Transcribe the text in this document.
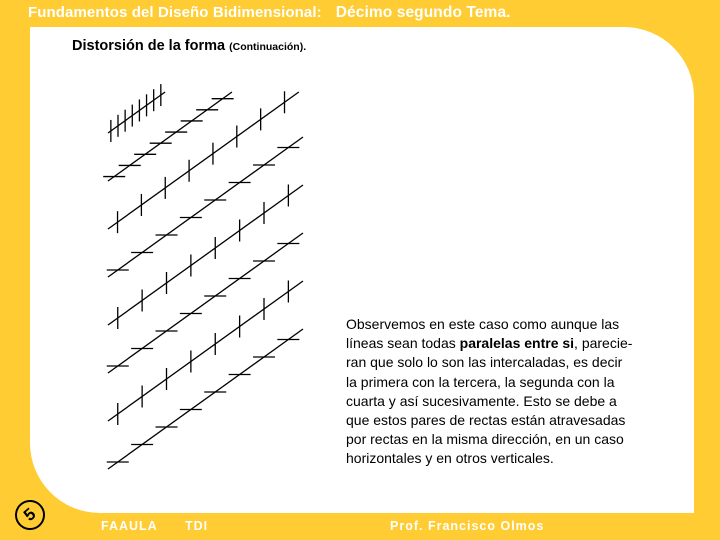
Fundamentos del Diseño Bidimensional: Décimo segundo Tema.
Distorsión de la forma (Continuación).
Observemos en este caso como aunque las
líneas sean todas paralelas entre si, parecie-
ran que solo lo son las intercaladas, es decir
la primera con la tercera, la segunda con la
cuarta y así sucesivamente. Esto se debe a
que estos pares de rectas están atravesadas
por rectas en la misma dirección, en un caso
horizontales y en otros verticales.
5
FAAULA TDI	Prof. Francisco Olmos
